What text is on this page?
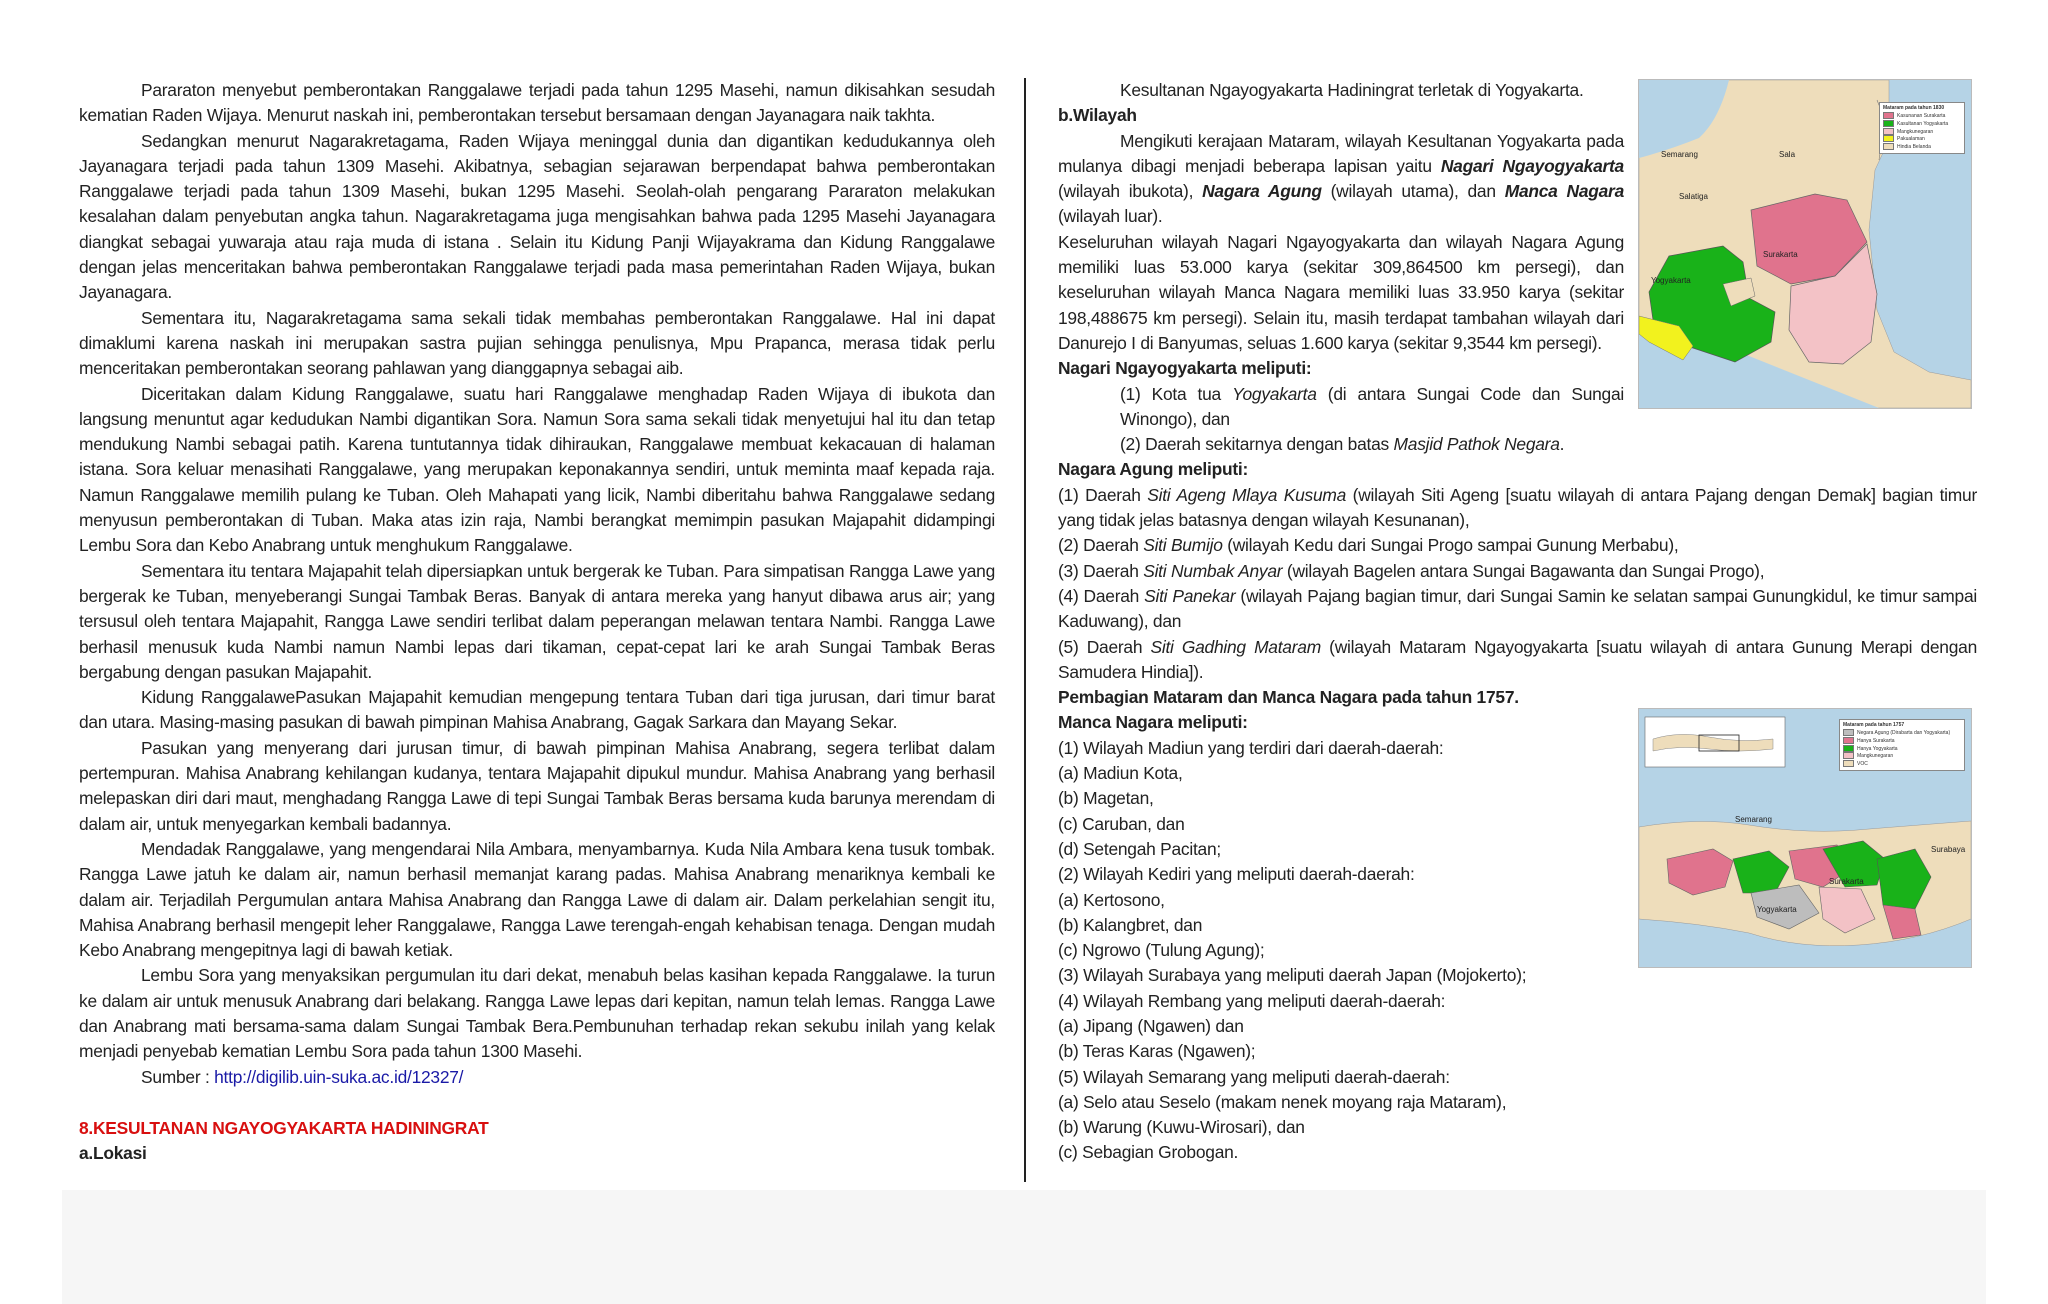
Pararaton menyebut pemberontakan Ranggalawe terjadi pada tahun 1295 Masehi, namun dikisahkan sesudah kematian Raden Wijaya. Menurut naskah ini, pemberontakan tersebut bersamaan dengan Jayanagara naik takhta.

Sedangkan menurut Nagarakretagama, Raden Wijaya meninggal dunia dan digantikan kedudukannya oleh Jayanagara terjadi pada tahun 1309 Masehi. Akibatnya, sebagian sejarawan berpendapat bahwa pemberontakan Ranggalawe terjadi pada tahun 1309 Masehi, bukan 1295 Masehi. Seolah-olah pengarang Pararaton melakukan kesalahan dalam penyebutan angka tahun. Nagarakretagama juga mengisahkan bahwa pada 1295 Masehi Jayanagara diangkat sebagai yuwaraja atau raja muda di istana . Selain itu Kidung Panji Wijayakrama dan Kidung Ranggalawe dengan jelas menceritakan bahwa pemberontakan Ranggalawe terjadi pada masa pemerintahan Raden Wijaya, bukan Jayanagara.

Sementara itu, Nagarakretagama sama sekali tidak membahas pemberontakan Ranggalawe. Hal ini dapat dimaklumi karena naskah ini merupakan sastra pujian sehingga penulisnya, Mpu Prapanca, merasa tidak perlu menceritakan pemberontakan seorang pahlawan yang dianggapnya sebagai aib.

Diceritakan dalam Kidung Ranggalawe, suatu hari Ranggalawe menghadap Raden Wijaya di ibukota dan langsung menuntut agar kedudukan Nambi digantikan Sora. Namun Sora sama sekali tidak menyetujui hal itu dan tetap mendukung Nambi sebagai patih. Karena tuntutannya tidak dihiraukan, Ranggalawe membuat kekacauan di halaman istana. Sora keluar menasihati Ranggalawe, yang merupakan keponakannya sendiri, untuk meminta maaf kepada raja. Namun Ranggalawe memilih pulang ke Tuban. Oleh Mahapati yang licik, Nambi diberitahu bahwa Ranggalawe sedang menyusun pemberontakan di Tuban. Maka atas izin raja, Nambi berangkat memimpin pasukan Majapahit didampingi Lembu Sora dan Kebo Anabrang untuk menghukum Ranggalawe.

Sementara itu tentara Majapahit telah dipersiapkan untuk bergerak ke Tuban. Para simpatisan Rangga Lawe yang bergerak ke Tuban, menyeberangi Sungai Tambak Beras. Banyak di antara mereka yang hanyut dibawa arus air; yang tersusul oleh tentara Majapahit, Rangga Lawe sendiri terlibat dalam peperangan melawan tentara Nambi. Rangga Lawe berhasil menusuk kuda Nambi namun Nambi lepas dari tikaman, cepat-cepat lari ke arah Sungai Tambak Beras bergabung dengan pasukan Majapahit.

Kidung RanggalawePasukan Majapahit kemudian mengepung tentara Tuban dari tiga jurusan, dari timur barat dan utara. Masing-masing pasukan di bawah pimpinan Mahisa Anabrang, Gagak Sarkara dan Mayang Sekar.

Pasukan yang menyerang dari jurusan timur, di bawah pimpinan Mahisa Anabrang, segera terlibat dalam pertempuran. Mahisa Anabrang kehilangan kudanya, tentara Majapahit dipukul mundur. Mahisa Anabrang yang berhasil melepaskan diri dari maut, menghadang Rangga Lawe di tepi Sungai Tambak Beras bersama kuda barunya merendam di dalam air, untuk menyegarkan kembali badannya.

Mendadak Ranggalawe, yang mengendarai Nila Ambara, menyambarnya. Kuda Nila Ambara kena tusuk tombak. Rangga Lawe jatuh ke dalam air, namun berhasil memanjat karang padas. Mahisa Anabrang menariknya kembali ke dalam air. Terjadilah Pergumulan antara Mahisa Anabrang dan Rangga Lawe di dalam air. Dalam perkelahian sengit itu, Mahisa Anabrang berhasil mengepit leher Ranggalawe, Rangga Lawe terengah-engah kehabisan tenaga. Dengan mudah Kebo Anabrang mengepitnya lagi di bawah ketiak.

Lembu Sora yang menyaksikan pergumulan itu dari dekat, menabuh belas kasihan kepada Ranggalawe. Ia turun ke dalam air untuk menusuk Anabrang dari belakang. Rangga Lawe lepas dari kepitan, namun telah lemas. Rangga Lawe dan Anabrang mati bersama-sama dalam Sungai Tambak Bera.Pembunuhan terhadap rekan sekubu inilah yang kelak menjadi penyebab kematian Lembu Sora pada tahun 1300 Masehi.

Sumber : http://digilib.uin-suka.ac.id/12327/

8.KESULTANAN NGAYOGYAKARTA HADININGRAT

a.Lokasi

Kesultanan Ngayogyakarta Hadiningrat terletak di Yogyakarta.

b.Wilayah

Mengikuti kerajaan Mataram, wilayah Kesultanan Yogyakarta pada mulanya dibagi menjadi beberapa lapisan yaitu Nagari Ngayogyakarta (wilayah ibukota), Nagara Agung (wilayah utama), dan Manca Nagara (wilayah luar).

Keseluruhan wilayah Nagari Ngayogyakarta dan wilayah Nagara Agung memiliki luas 53.000 karya (sekitar 309,864500 km persegi), dan keseluruhan wilayah Manca Nagara memiliki luas 33.950 karya (sekitar 198,488675 km persegi). Selain itu, masih terdapat tambahan wilayah dari Danurejo I di Banyumas, seluas 1.600 karya (sekitar 9,3544 km persegi).

Nagari Ngayogyakarta meliputi:

(1) Kota tua Yogyakarta (di antara Sungai Code dan Sungai Winongo), dan

(2) Daerah sekitarnya dengan batas Masjid Pathok Negara.

Nagara Agung meliputi:

(1) Daerah Siti Ageng Mlaya Kusuma (wilayah Siti Ageng [suatu wilayah di antara Pajang dengan Demak] bagian timur yang tidak jelas batasnya dengan wilayah Kesunanan),

(2) Daerah Siti Bumijo (wilayah Kedu dari Sungai Progo sampai Gunung Merbabu),

(3) Daerah Siti Numbak Anyar (wilayah Bagelen antara Sungai Bagawanta dan Sungai Progo),

(4) Daerah Siti Panekar (wilayah Pajang bagian timur, dari Sungai Samin ke selatan sampai Gunungkidul, ke timur sampai Kaduwang), dan

(5) Daerah Siti Gadhing Mataram (wilayah Mataram Ngayogyakarta [suatu wilayah di antara Gunung Merapi dengan Samudera Hindia]).

Pembagian Mataram dan Manca Nagara pada tahun 1757.

Manca Nagara meliputi:

(1) Wilayah Madiun yang terdiri dari daerah-daerah:

(a) Madiun Kota,

(b) Magetan,

(c) Caruban, dan

(d) Setengah Pacitan;

(2) Wilayah Kediri yang meliputi daerah-daerah:

(a) Kertosono,

(b) Kalangbret, dan

(c) Ngrowo (Tulung Agung);

(3) Wilayah Surabaya yang meliputi daerah Japan (Mojokerto);

(4) Wilayah Rembang yang meliputi daerah-daerah:

(a) Jipang (Ngawen) dan

(b) Teras Karas (Ngawen);

(5) Wilayah Semarang yang meliputi daerah-daerah:

(a) Selo atau Seselo (makam nenek moyang raja Mataram),

(b) Warung (Kuwu-Wirosari), dan

(c) Sebagian Grobogan.

Semarang
Salatiga
Sala
Surakarta
Yogyakarta
Mataram pada tahun 1830
Kasunanan Surakarta
Kasultanan Yogyakarta
Mangkunegaran
Pakualaman
Hindia Belanda
Semarang
Surabaya
Surakarta
Yogyakarta
Mataram pada tahun 1757
Negara Agung (Dirabarta dan Yogyakarta)
Hanya Surakarta
Hanya Yogyakarta
Mangkunegaran
VOC
